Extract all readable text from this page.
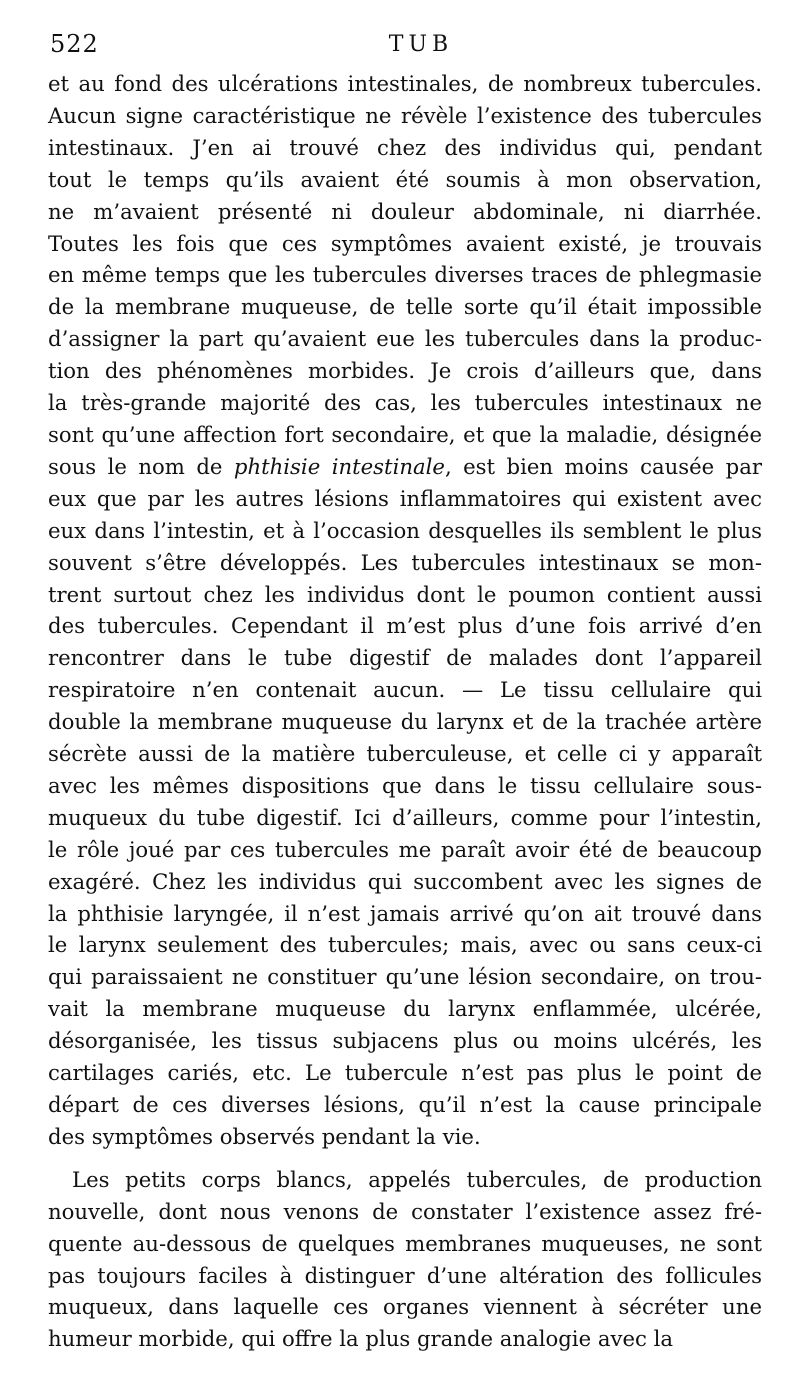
522	TUB
et au fond des ulcérations intestinales, de nombreux tubercules.
Aucun signe caractéristique ne révèle l’existence des tubercules
intestinaux. J’en ai trouvé chez des individus qui, pendant
tout le temps qu’ils avaient été soumis à mon observation,
ne m’avaient présenté ni douleur abdominale, ni diarrhée.
Toutes les fois que ces symptômes avaient existé, je trouvais
en même temps que les tubercules diverses traces de phlegmasie
de la membrane muqueuse, de telle sorte qu’il était impossible
d’assigner la part qu’avaient eue les tubercules dans la produc-
tion des phénomènes morbides. Je crois d’ailleurs que, dans
la très-grande majorité des cas, les tubercules intestinaux ne
sont qu’une affection fort secondaire, et que la maladie, désignée
sous le nom de phthisie intestinale, est bien moins causée par
eux que par les autres lésions inflammatoires qui existent avec
eux dans l’intestin, et à l’occasion desquelles ils semblent le plus
souvent s’être développés. Les tubercules intestinaux se mon-
trent surtout chez les individus dont le poumon contient aussi
des tubercules. Cependant il m’est plus d’une fois arrivé d’en
rencontrer dans le tube digestif de malades dont l’appareil
respiratoire n’en contenait aucun. — Le tissu cellulaire qui
double la membrane muqueuse du larynx et de la trachée artère
sécrète aussi de la matière tuberculeuse, et celle ci y apparaît
avec les mêmes dispositions que dans le tissu cellulaire sous-
muqueux du tube digestif. Ici d’ailleurs, comme pour l’intestin,
le rôle joué par ces tubercules me paraît avoir été de beaucoup
exagéré. Chez les individus qui succombent avec les signes de
la phthisie laryngée, il n’est jamais arrivé qu’on ait trouvé dans
le larynx seulement des tubercules; mais, avec ou sans ceux-ci
qui paraissaient ne constituer qu’une lésion secondaire, on trou-
vait la membrane muqueuse du larynx enflammée, ulcérée,
désorganisée, les tissus subjacens plus ou moins ulcérés, les
cartilages cariés, etc. Le tubercule n’est pas plus le point de
départ de ces diverses lésions, qu’il n’est la cause principale
des symptômes observés pendant la vie.
Les petits corps blancs, appelés tubercules, de production
nouvelle, dont nous venons de constater l’existence assez fré-
quente au-dessous de quelques membranes muqueuses, ne sont
pas toujours faciles à distinguer d’une altération des follicules
muqueux, dans laquelle ces organes viennent à sécréter une
humeur morbide, qui offre la plus grande analogie avec la
